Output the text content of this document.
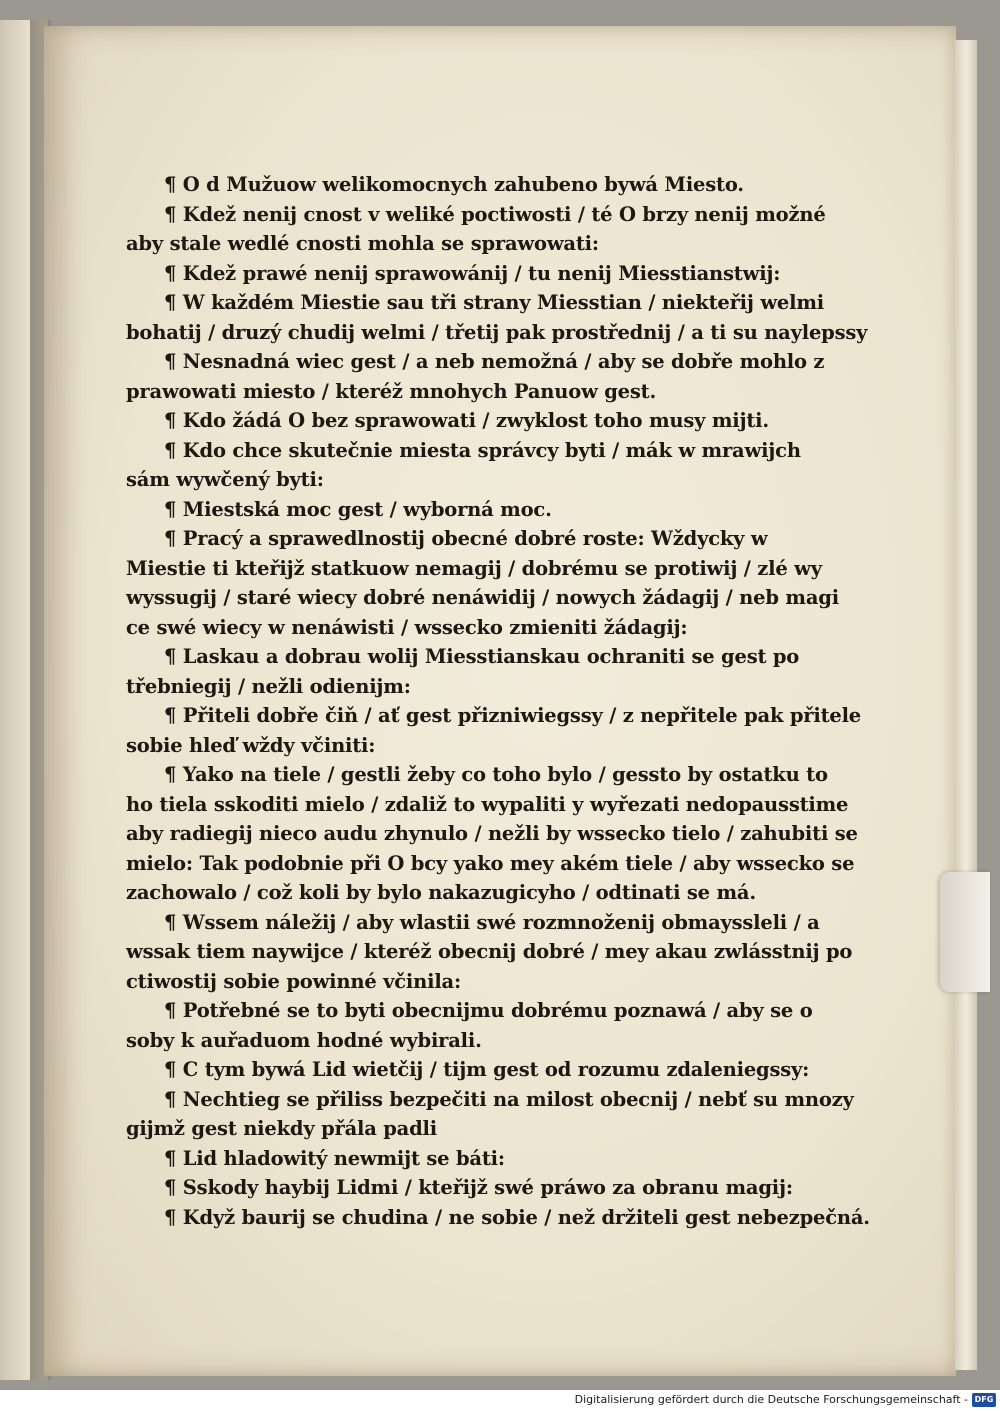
¶ O d Mužuow welikomocnych zahubeno bywá Miesto.
¶ Kdež nenij cnost v weliké poctiwosti / té O brzy nenij možné
aby stale wedlé cnosti mohla se sprawowati:
¶ Kdež prawé nenij sprawowánij / tu nenij Miesstianstwij:
¶ W každém Miestie sau tři strany Miesstian / niekteřij welmi
bohatij / druzý chudij welmi / třetij pak prostřednij / a ti su naylepssy
¶ Nesnadná wiec gest / a neb nemožná / aby se dobře mohlo z
prawowati miesto / kteréž mnohych Panuow gest.
¶ Kdo žádá O bez sprawowati / zwyklost toho musy mijti.
¶ Kdo chce skutečnie miesta správcy byti / mák w mrawijch
sám wywčený byti:
¶ Miestská moc gest / wyborná moc.
¶ Pracý a sprawedlnostij obecné dobré roste: Wždycky w
Miestie ti kteřijž statkuow nemagij / dobrému se protiwij / zlé wy
wyssugij / staré wiecy dobré nenáwidij / nowych žádagij / neb magi
ce swé wiecy w nenáwisti / wssecko zmieniti žádagij:
¶ Laskau a dobrau wolij Miesstianskau ochraniti se gest po
třebniegij / nežli odienijm:
¶ Přiteli dobře čiň / ať gest přizniwiegssy / z nepřitele pak přitele
sobie hleď wždy včiniti:
¶ Yako na tiele / gestli žeby co toho bylo / gessto by ostatku to
ho tiela sskoditi mielo / zdaliž to wypaliti y wyřezati nedopausstime
aby radiegij nieco audu zhynulo / nežli by wssecko tielo / zahubiti se
mielo: Tak podobnie při O bcy yako mey akém tiele / aby wssecko se
zachowalo / což koli by bylo nakazugicyho / odtinati se má.
¶ Wssem náležij / aby wlastii swé rozmnoženij obmayssleli / a
wssak tiem naywijce / kteréž obecnij dobré / mey akau zwlásstnij po
ctiwostij sobie powinné včinila:
¶ Potřebné se to byti obecnijmu dobrému poznawá / aby se o
soby k auřaduom hodné wybirali.
¶ C tym bywá Lid wietčij / tijm gest od rozumu zdaleniegssy:
¶ Nechtieg se přiliss bezpečiti na milost obecnij / nebť su mnozy
gijmž gest niekdy přála padli
¶ Lid hladowitý newmijt se báti:
¶ Sskody haybij Lidmi / kteřijž swé práwo za obranu magij:
¶ Když baurij se chudina / ne sobie / než držiteli gest nebezpečná.
Digitalisierung gefördert durch die Deutsche Forschungsgemeinschaft - DFG
